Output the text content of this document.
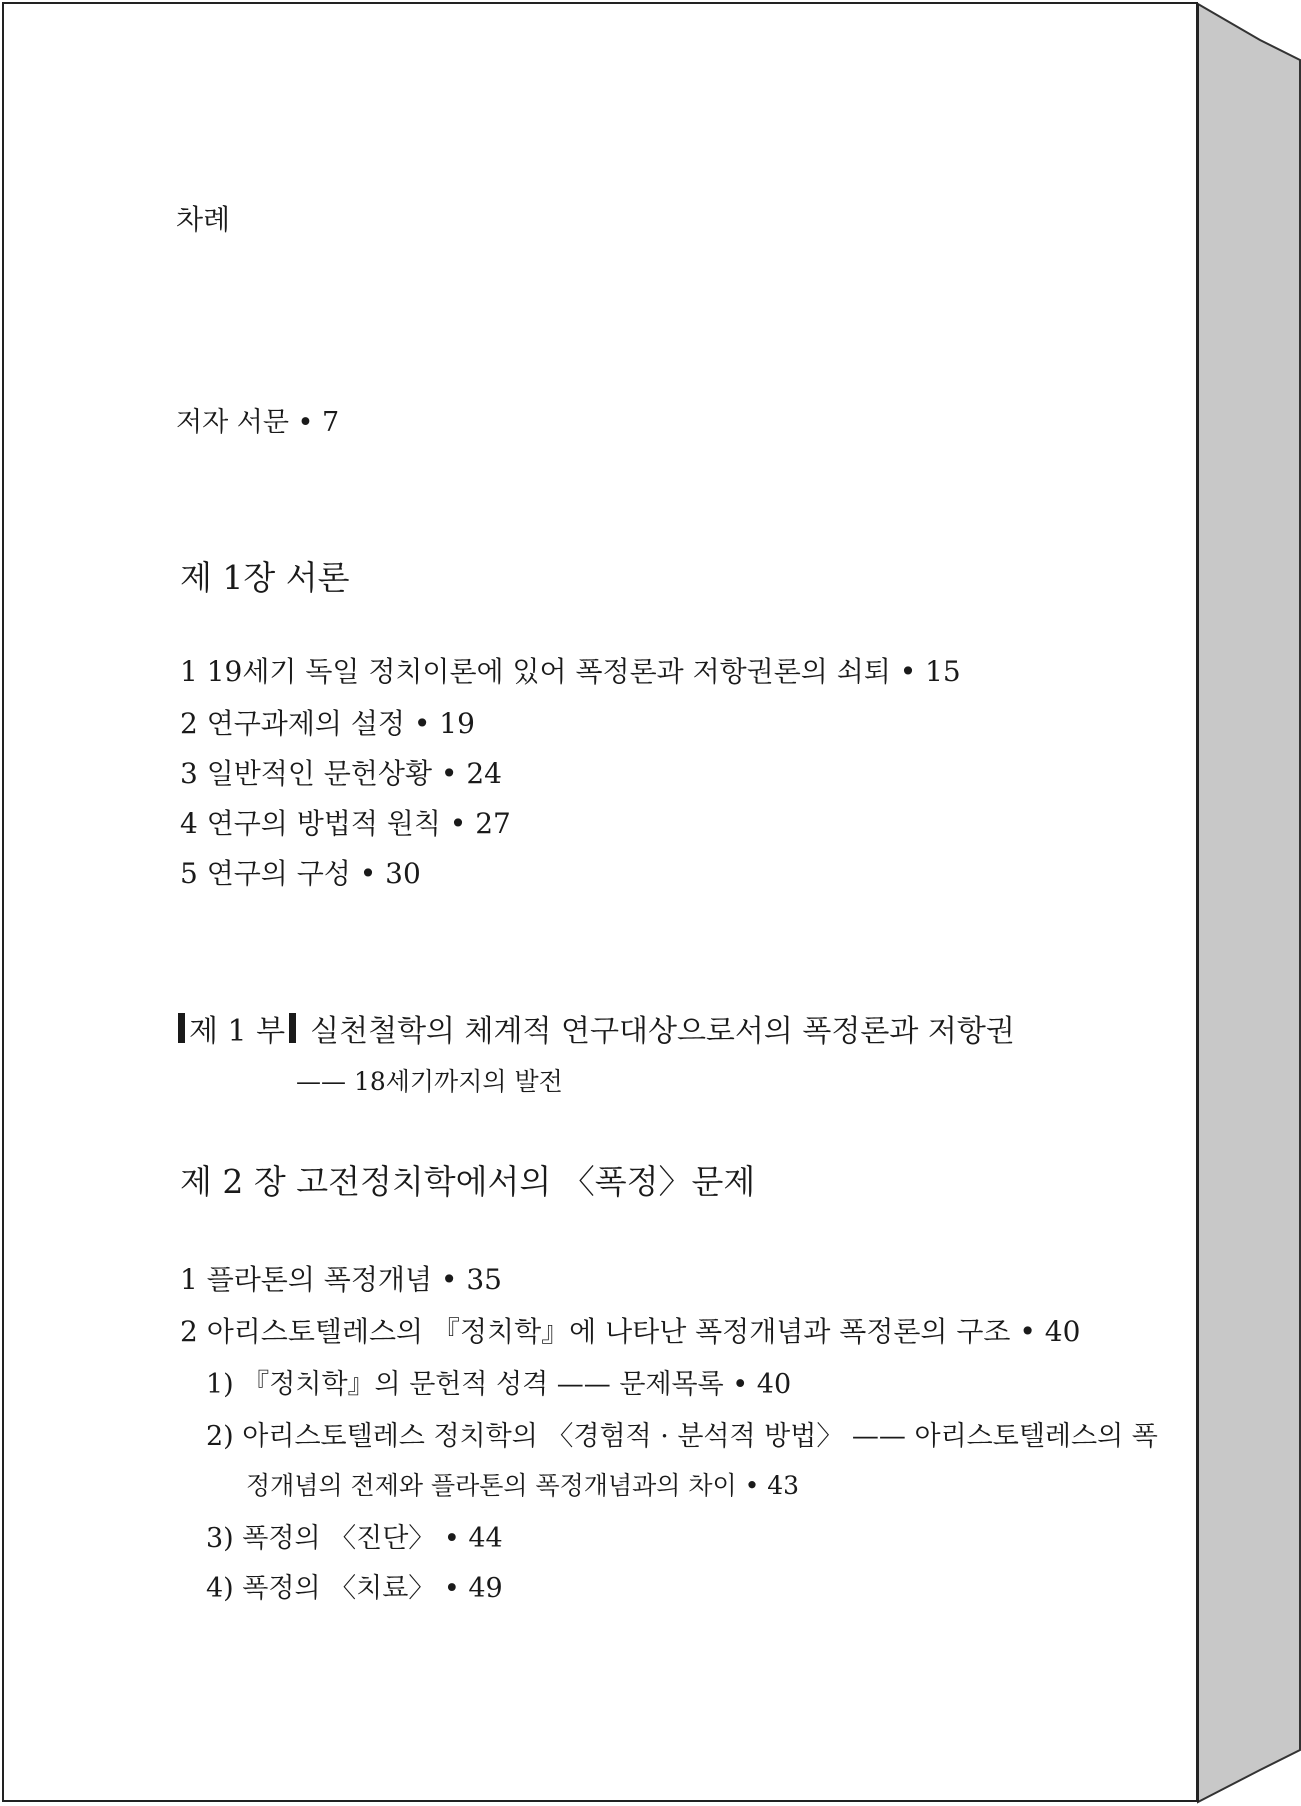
차례
저자 서문 • 7
제 1장 서론
1 19세기 독일 정치이론에 있어 폭정론과 저항권론의 쇠퇴 • 15
2 연구과제의 설정 • 19
3 일반적인 문헌상황 • 24
4 연구의 방법적 원칙 • 27
5 연구의 구성 • 30
제 1 부 실천철학의 체계적 연구대상으로서의 폭정론과 저항권
—— 18세기까지의 발전
제 2 장 고전정치학에서의 〈폭정〉문제
1 플라톤의 폭정개념 • 35
2 아리스토텔레스의 『정치학』에 나타난 폭정개념과 폭정론의 구조 • 40
1) 『정치학』의 문헌적 성격 —— 문제목록 • 40
2) 아리스토텔레스 정치학의 〈경험적 · 분석적 방법〉 —— 아리스토텔레스의 폭
정개념의 전제와 플라톤의 폭정개념과의 차이 • 43
3) 폭정의 〈진단〉 • 44
4) 폭정의 〈치료〉 • 49
